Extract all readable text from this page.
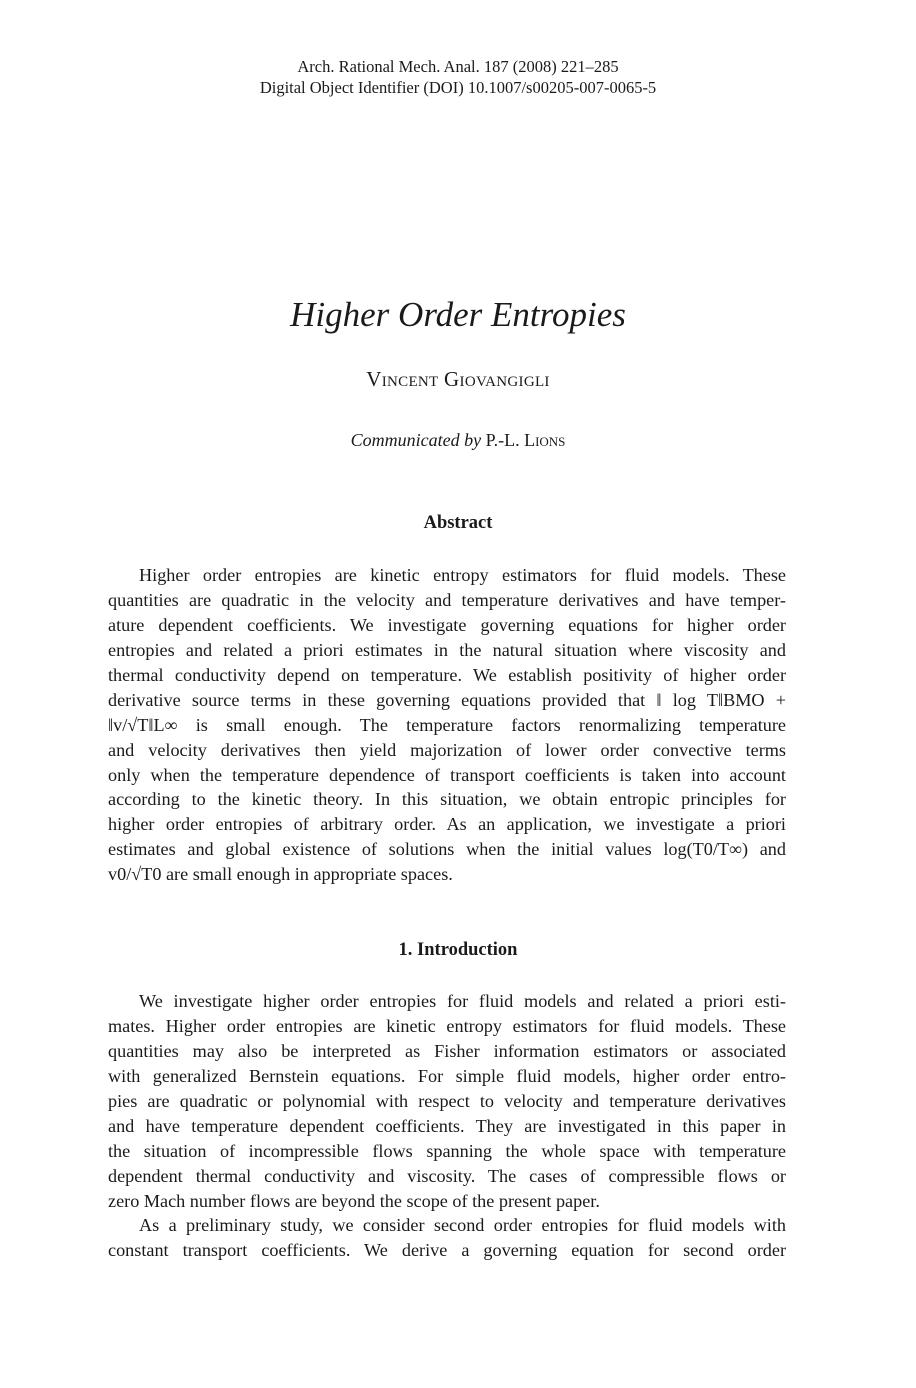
Arch. Rational Mech. Anal. 187 (2008) 221–285
Digital Object Identifier (DOI) 10.1007/s00205-007-0065-5
Higher Order Entropies
Vincent Giovangigli
Communicated by P.-L. Lions
Abstract
Higher order entropies are kinetic entropy estimators for fluid models. These
quantities are quadratic in the velocity and temperature derivatives and have temper-
ature dependent coefficients. We investigate governing equations for higher order
entropies and related a priori estimates in the natural situation where viscosity and
thermal conductivity depend on temperature. We establish positivity of higher order
derivative source terms in these governing equations provided that ‖ log T‖BMO +
‖v/√T‖L∞ is small enough. The temperature factors renormalizing temperature
and velocity derivatives then yield majorization of lower order convective terms
only when the temperature dependence of transport coefficients is taken into account
according to the kinetic theory. In this situation, we obtain entropic principles for
higher order entropies of arbitrary order. As an application, we investigate a priori
estimates and global existence of solutions when the initial values log(T0/T∞) and
v0/√T0 are small enough in appropriate spaces.
1. Introduction
We investigate higher order entropies for fluid models and related a priori esti-
mates. Higher order entropies are kinetic entropy estimators for fluid models. These
quantities may also be interpreted as Fisher information estimators or associated
with generalized Bernstein equations. For simple fluid models, higher order entro-
pies are quadratic or polynomial with respect to velocity and temperature derivatives
and have temperature dependent coefficients. They are investigated in this paper in
the situation of incompressible flows spanning the whole space with temperature
dependent thermal conductivity and viscosity. The cases of compressible flows or
zero Mach number flows are beyond the scope of the present paper.
As a preliminary study, we consider second order entropies for fluid models with
constant transport coefficients. We derive a governing equation for second order
